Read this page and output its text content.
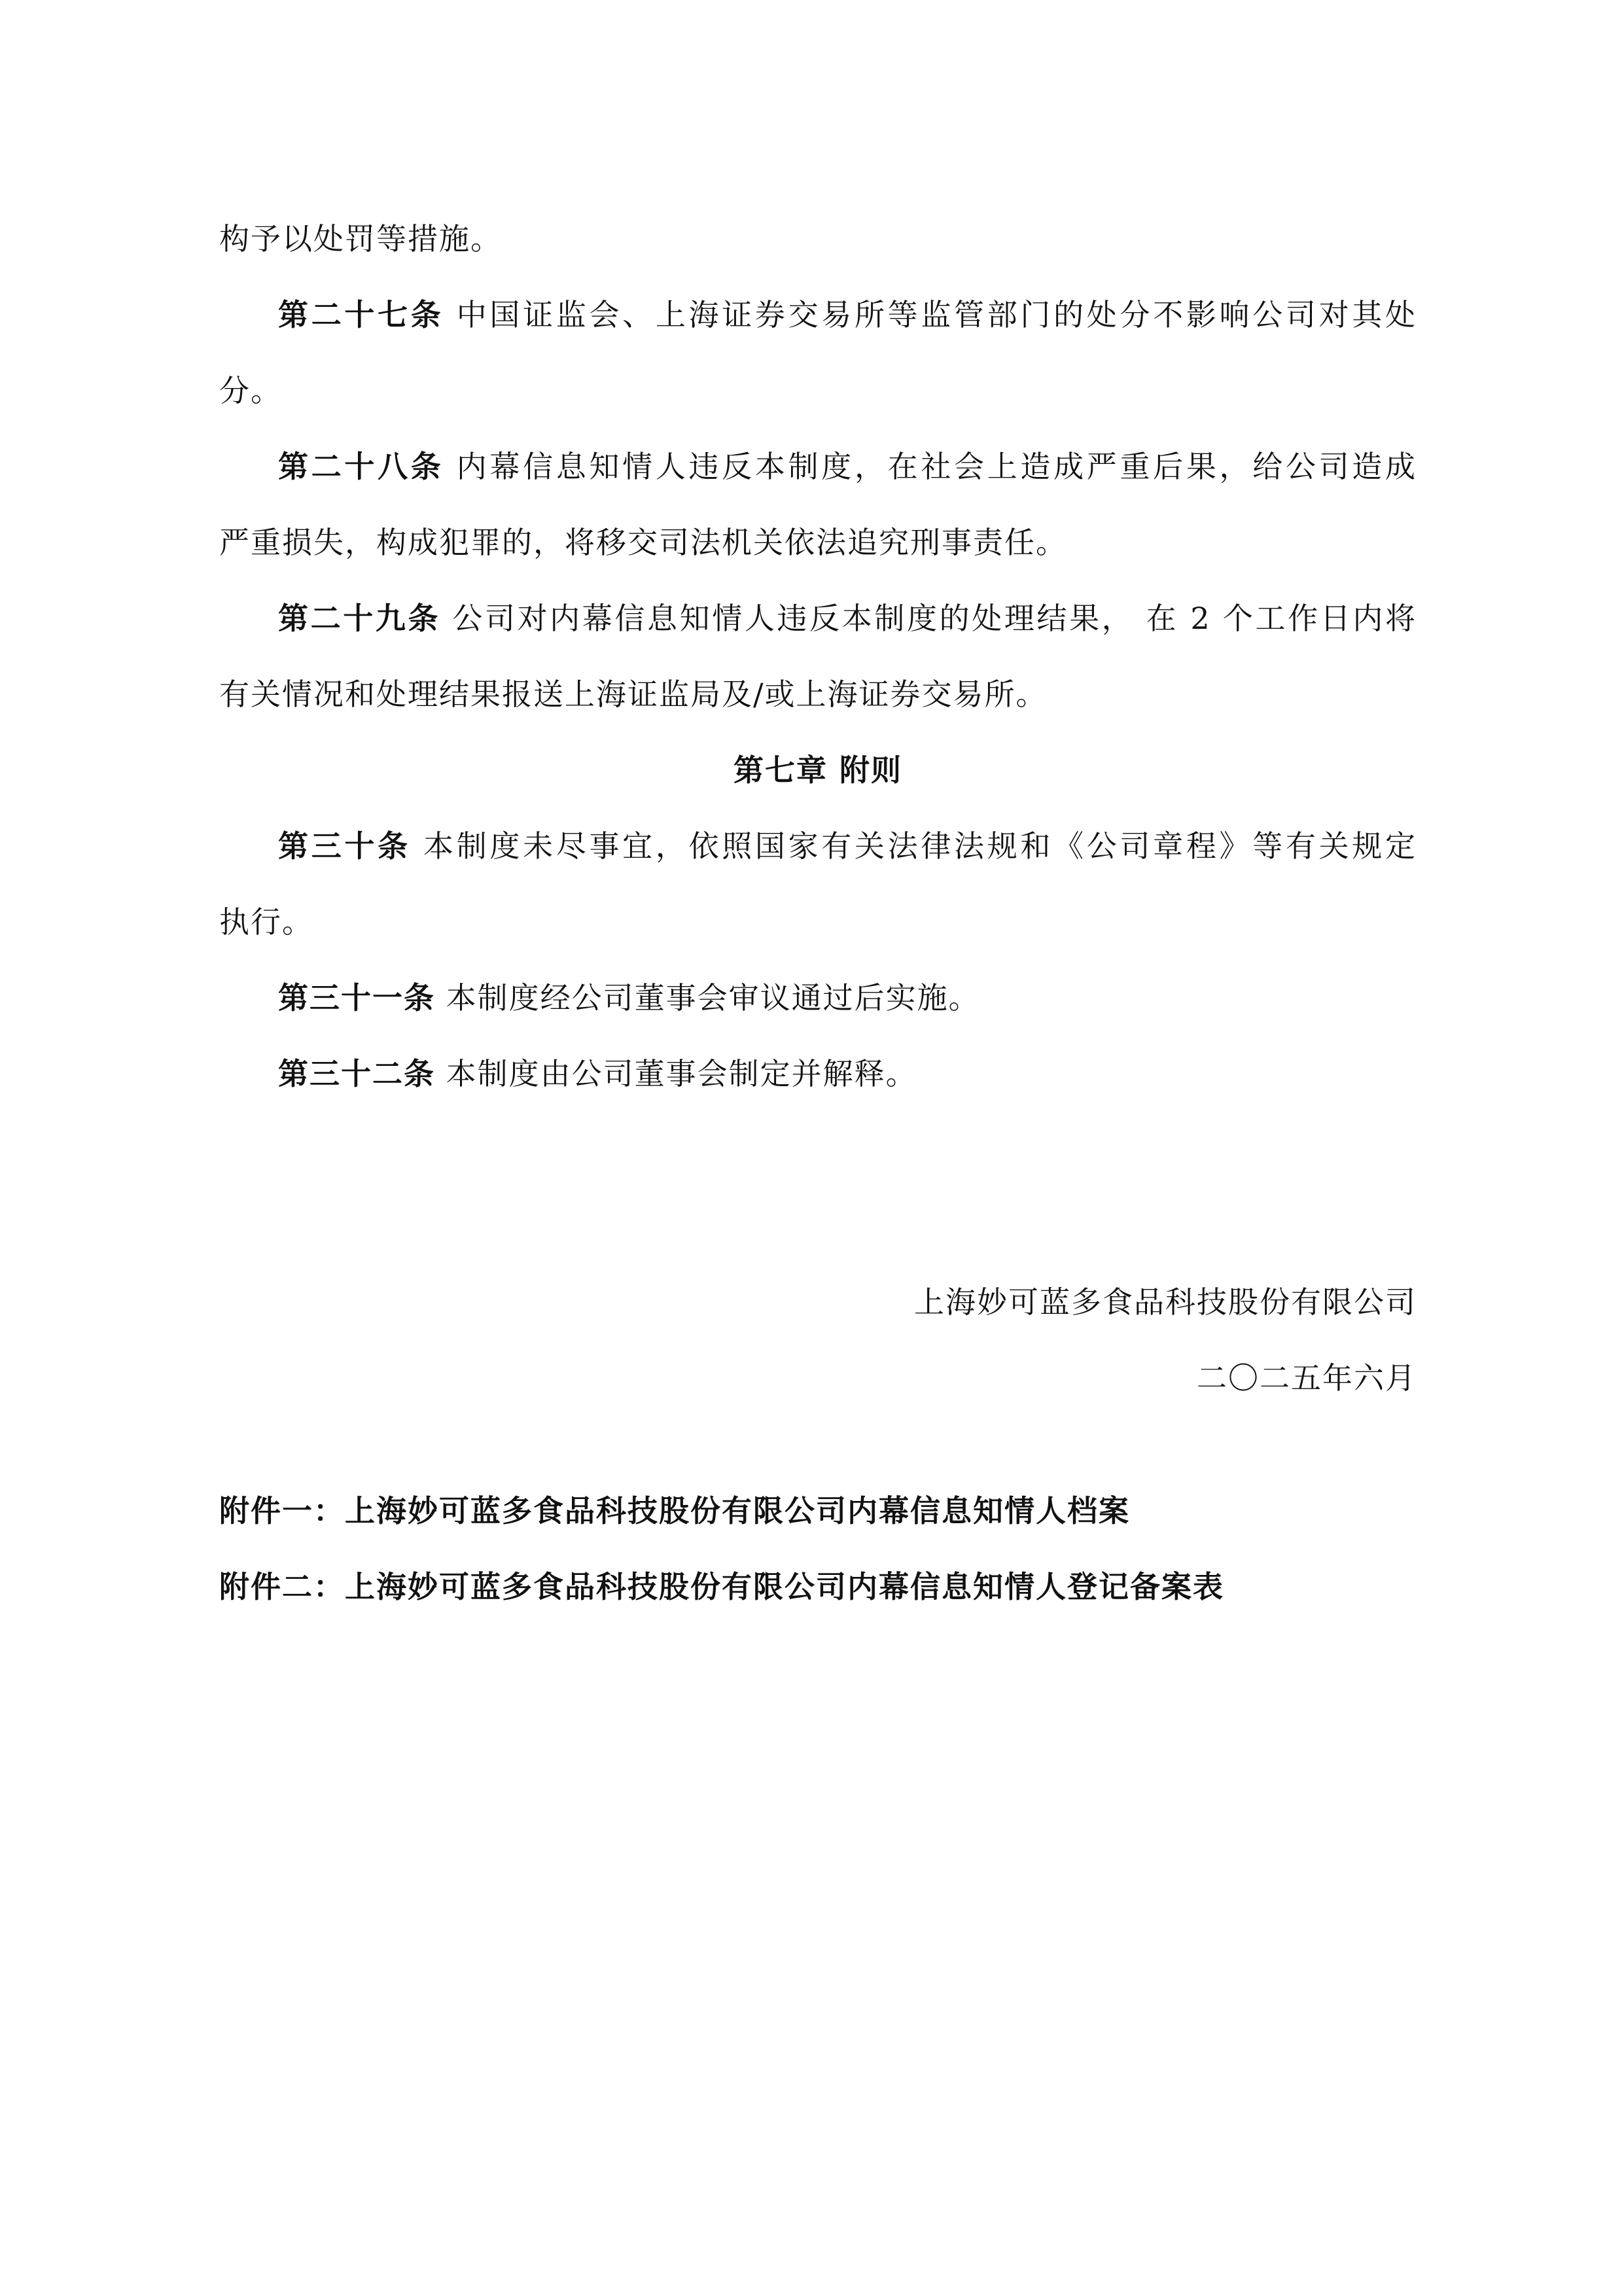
构予以处罚等措施。
第二十七条 中国证监会、上海证券交易所等监管部门的处分不影响公司对其处
分。
第二十八条 内幕信息知情人违反本制度，在社会上造成严重后果，给公司造成
严重损失，构成犯罪的，将移交司法机关依法追究刑事责任。
第二十九条 公司对内幕信息知情人违反本制度的处理结果， 在 2 个工作日内将
有关情况和处理结果报送上海证监局及/或上海证券交易所。
第七章 附则
第三十条 本制度未尽事宜，依照国家有关法律法规和《公司章程》等有关规定
执行。
第三十一条 本制度经公司董事会审议通过后实施。
第三十二条 本制度由公司董事会制定并解释。
上海妙可蓝多食品科技股份有限公司
二〇二五年六月
附件一：上海妙可蓝多食品科技股份有限公司内幕信息知情人档案
附件二：上海妙可蓝多食品科技股份有限公司内幕信息知情人登记备案表
